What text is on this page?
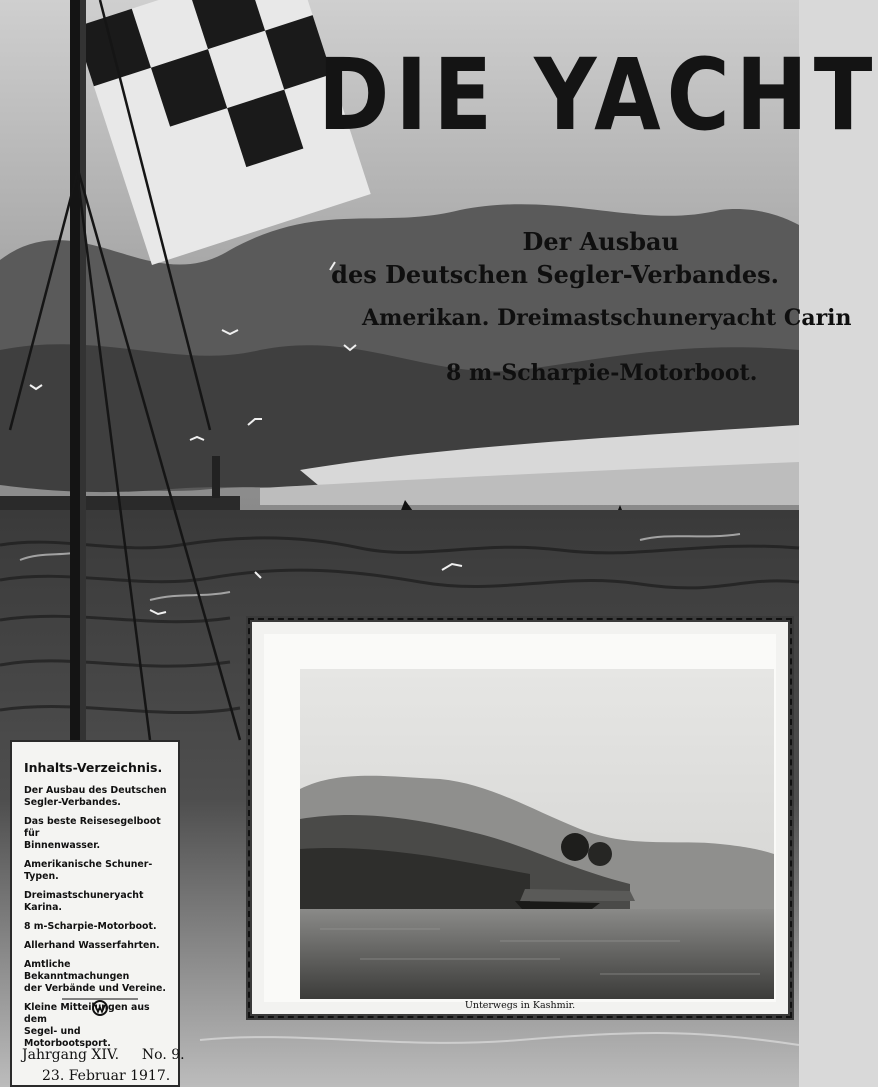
DIE YACHT
Der Ausbau
des Deutschen Segler-Verbandes.
Amerikan. Dreimastschuneryacht Carin
8 m-Scharpie-Motorboot.
Inhalts-Verzeichnis.
Der Ausbau des Deutschen
Segler-Verbandes.
Das beste Reisesegelboot für
Binnenwasser.
Amerikanische Schuner-Typen.
Dreimastschuneryacht Karina.
8 m-Scharpie-Motorboot.
Allerhand Wasserfahrten.
Amtliche Bekanntmachungen
der Verbände und Vereine.
Kleine Mitteilungen aus dem
Segel- und Motorbootsport.
Jahrgang XIV. No. 9.
23. Februar 1917.
Unterwegs in Kashmir.
